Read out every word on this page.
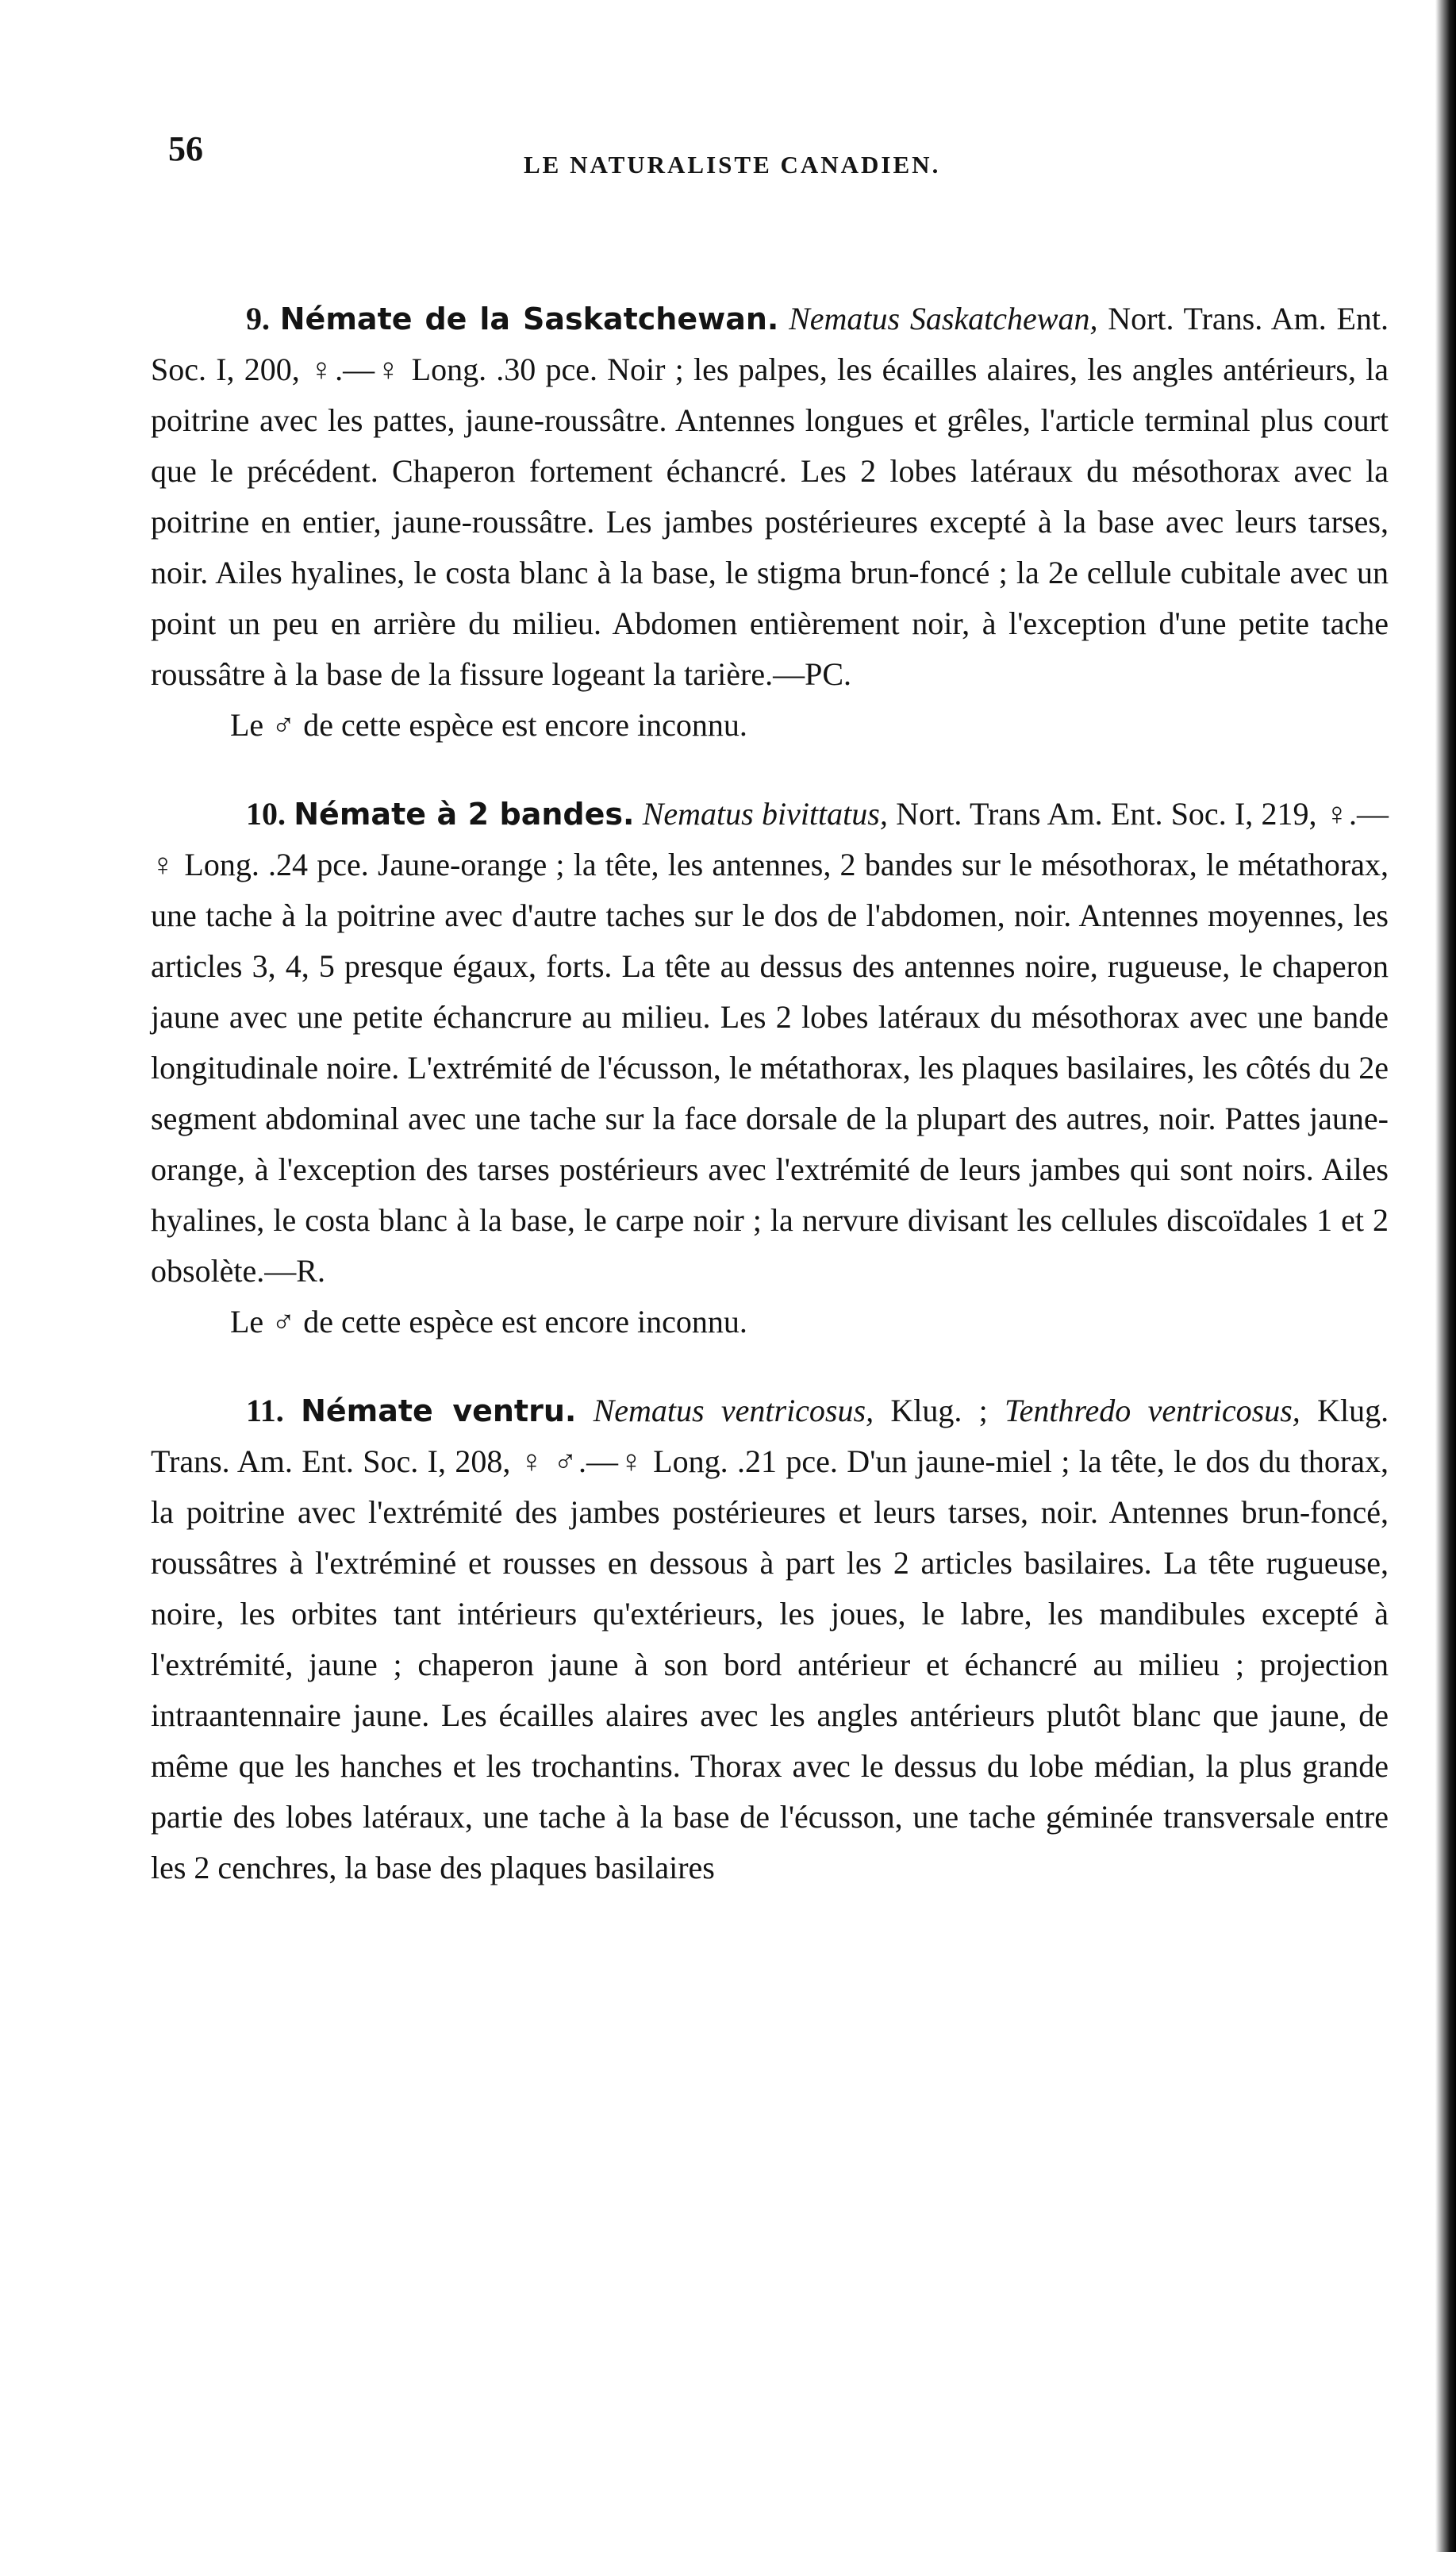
56	LE NATURALISTE CANADIEN.

9. Némate de la Saskatchewan. Nematus Saskatchewan, Nort. Trans. Am. Ent. Soc. I, 200, ♀.—♀ Long. .30 pce. Noir ; les palpes, les écailles alaires, les angles antérieurs, la poitrine avec les pattes, jaune-roussâtre. Antennes longues et grêles, l'article terminal plus court que le précédent. Chaperon fortement échancré. Les 2 lobes latéraux du mésothorax avec la poitrine en entier, jaune-roussâtre. Les jambes postérieures excepté à la base avec leurs tarses, noir. Ailes hyalines, le costa blanc à la base, le stigma brun-foncé ; la 2e cellule cubitale avec un point un peu en arrière du milieu. Abdomen entièrement noir, à l'exception d'une petite tache roussâtre à la base de la fissure logeant la tarière.—PC.

Le ♂ de cette espèce est encore inconnu.

10. Némate à 2 bandes. Nematus bivittatus, Nort. Trans Am. Ent. Soc. I, 219, ♀.—♀ Long. .24 pce. Jaune-orange ; la tête, les antennes, 2 bandes sur le mésothorax, le métathorax, une tache à la poitrine avec d'autre taches sur le dos de l'abdomen, noir. Antennes moyennes, les articles 3, 4, 5 presque égaux, forts. La tête au dessus des antennes noire, rugueuse, le chaperon jaune avec une petite échancrure au milieu. Les 2 lobes latéraux du mésothorax avec une bande longitudinale noire. L'extrémité de l'écusson, le métathorax, les plaques basilaires, les côtés du 2e segment abdominal avec une tache sur la face dorsale de la plupart des autres, noir. Pattes jaune-orange, à l'exception des tarses postérieurs avec l'extrémité de leurs jambes qui sont noirs. Ailes hyalines, le costa blanc à la base, le carpe noir ; la nervure divisant les cellules discoïdales 1 et 2 obsolète.—R.

Le ♂ de cette espèce est encore inconnu.

11. Némate ventru. Nematus ventricosus, Klug. ; Tenthredo ventricosus, Klug. Trans. Am. Ent. Soc. I, 208, ♀ ♂.—♀ Long. .21 pce. D'un jaune-miel ; la tête, le dos du thorax, la poitrine avec l'extrémité des jambes postérieures et leurs tarses, noir. Antennes brun-foncé, roussâtres à l'extréminé et rousses en dessous à part les 2 articles basilaires. La tête rugueuse, noire, les orbites tant intérieurs qu'extérieurs, les joues, le labre, les mandibules excepté à l'extrémité, jaune ; chaperon jaune à son bord antérieur et échancré au milieu ; projection intraantennaire jaune. Les écailles alaires avec les angles antérieurs plutôt blanc que jaune, de même que les hanches et les trochantins. Thorax avec le dessus du lobe médian, la plus grande partie des lobes latéraux, une tache à la base de l'écusson, une tache géminée transversale entre les 2 cenchres, la base des plaques basilaires
